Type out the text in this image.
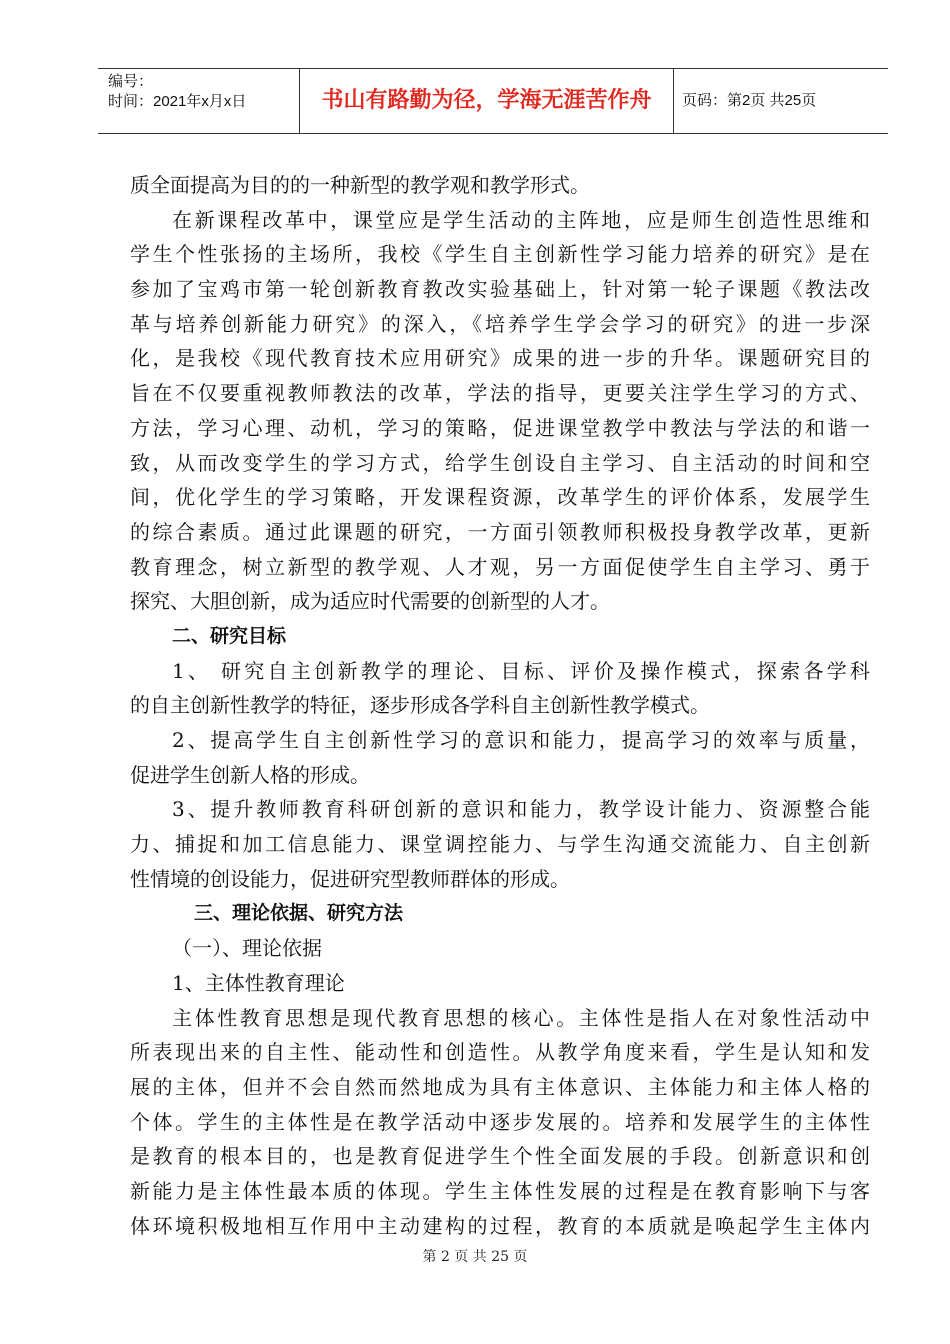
编号：
时间：2021年x月x日	书山有路勤为径，学海无涯苦作舟	页码：第2页 共25页
质全面提高为目的的一种新型的教学观和教学形式。
在新课程改革中，课堂应是学生活动的主阵地，应是师生创造性思维和
学生个性张扬的主场所，我校《学生自主创新性学习能力培养的研究》是在
参加了宝鸡市第一轮创新教育教改实验基础上，针对第一轮子课题《教法改
革与培养创新能力研究》的深入，《培养学生学会学习的研究》的进一步深
化，是我校《现代教育技术应用研究》成果的进一步的升华。课题研究目的
旨在不仅要重视教师教法的改革，学法的指导，更要关注学生学习的方式、
方法，学习心理、动机，学习的策略，促进课堂教学中教法与学法的和谐一
致，从而改变学生的学习方式，给学生创设自主学习、自主活动的时间和空
间，优化学生的学习策略，开发课程资源，改革学生的评价体系，发展学生
的综合素质。通过此课题的研究，一方面引领教师积极投身教学改革，更新
教育理念，树立新型的教学观、人才观，另一方面促使学生自主学习、勇于
探究、大胆创新，成为适应时代需要的创新型的人才。
二、研究目标
1、 研究自主创新教学的理论、目标、评价及操作模式，探索各学科
的自主创新性教学的特征，逐步形成各学科自主创新性教学模式。
2、提高学生自主创新性学习的意识和能力，提高学习的效率与质量，
促进学生创新人格的形成。
3、提升教师教育科研创新的意识和能力，教学设计能力、资源整合能
力、捕捉和加工信息能力、课堂调控能力、与学生沟通交流能力、自主创新
性情境的创设能力，促进研究型教师群体的形成。
三、理论依据、研究方法
（一）、理论依据
1、主体性教育理论
主体性教育思想是现代教育思想的核心。主体性是指人在对象性活动中
所表现出来的自主性、能动性和创造性。从教学角度来看，学生是认知和发
展的主体，但并不会自然而然地成为具有主体意识、主体能力和主体人格的
个体。学生的主体性是在教学活动中逐步发展的。培养和发展学生的主体性
是教育的根本目的，也是教育促进学生个性全面发展的手段。创新意识和创
新能力是主体性最本质的体现。学生主体性发展的过程是在教育影响下与客
体环境积极地相互作用中主动建构的过程，教育的本质就是唤起学生主体内
第 2 页 共 25 页
